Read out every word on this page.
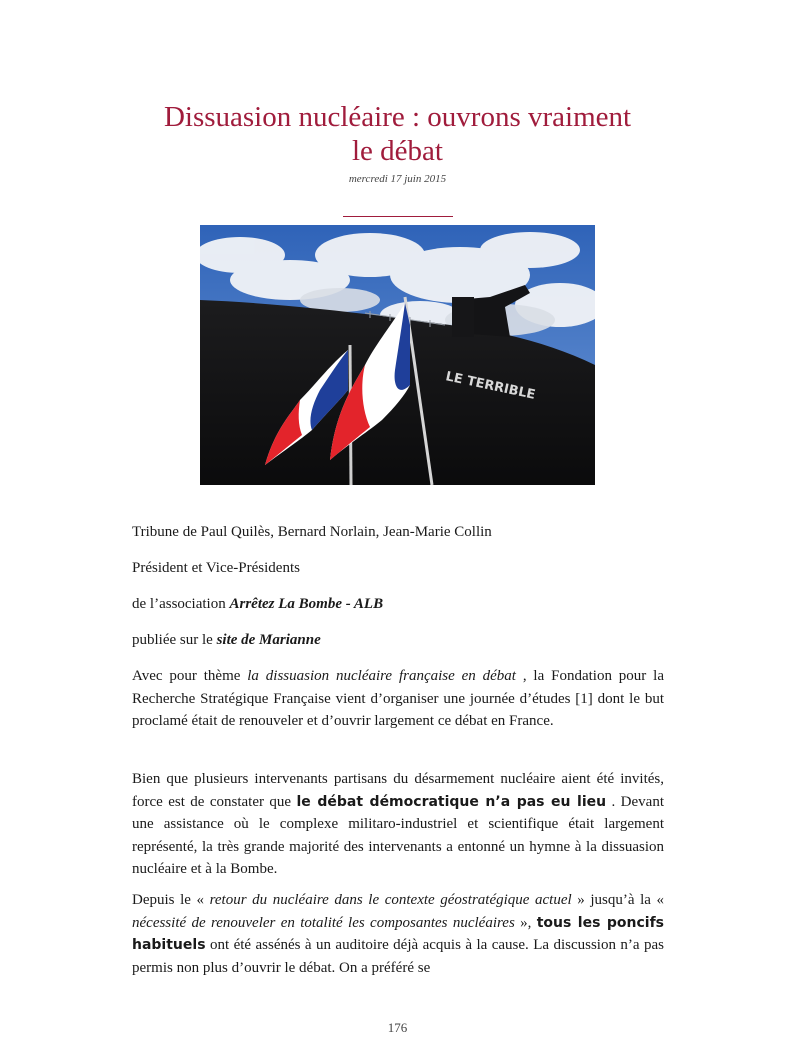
Dissuasion nucléaire : ouvrons vraiment
le débat
mercredi 17 juin 2015
LE TERRIBLE
Tribune de Paul Quilès, Bernard Norlain, Jean-Marie Collin
Président et Vice-Présidents
de l’association Arrêtez La Bombe - ALB
publiée sur le site de Marianne

Avec pour thème la dissuasion nucléaire française en débat , la Fondation pour la Recherche Stratégique Française vient d’organiser une journée d’études [1] dont le but proclamé était de renouveler et d’ouvrir largement ce débat en France.

Bien que plusieurs intervenants partisans du désarmement nucléaire aient été invités, force est de constater que le débat démocratique n’a pas eu lieu . Devant une assistance où le complexe militaro-industriel et scientifique était largement représenté, la très grande majorité des intervenants a entonné un hymne à la dissuasion nucléaire et à la Bombe.

Depuis le « retour du nucléaire dans le contexte géostratégique actuel » jusqu’à la « nécessité de renouveler en totalité les composantes nucléaires », tous les poncifs habituels ont été assénés à un auditoire déjà acquis à la cause. La discussion n’a pas permis non plus d’ouvrir le débat. On a préféré se

176
